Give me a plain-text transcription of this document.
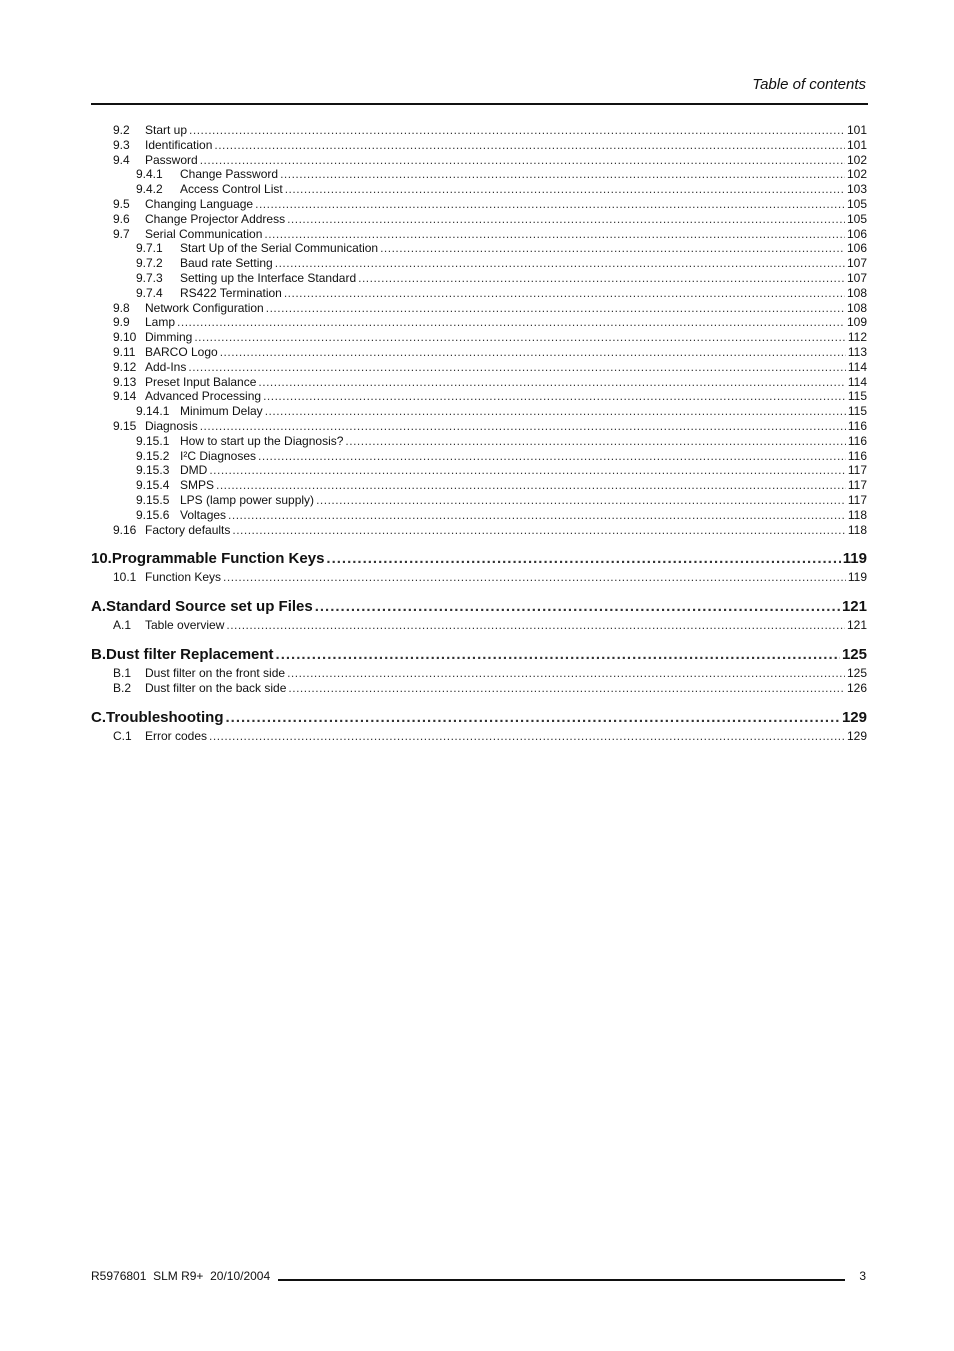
Table of contents
9.2	Start up .....	101
9.3	Identification .....	101
9.4	Password .....	102
9.4.1	Change Password .....	102
9.4.2	Access Control List .....	103
9.5	Changing Language .....	105
9.6	Change Projector Address .....	105
9.7	Serial Communication .....	106
9.7.1	Start Up of the Serial Communication .....	106
9.7.2	Baud rate Setting .....	107
9.7.3	Setting up the Interface Standard .....	107
9.7.4	RS422 Termination .....	108
9.8	Network Configuration .....	108
9.9	Lamp .....	109
9.10 Dimming .....	112
9.11 BARCO Logo .....	113
9.12 Add-Ins .....	114
9.13 Preset Input Balance .....	114
9.14 Advanced Processing .....	115
9.14.1 Minimum Delay .....	115
9.15 Diagnosis .....	116
9.15.1 How to start up the Diagnosis? .....	116
9.15.2 I²C Diagnoses .....	116
9.15.3 DMD .....	117
9.15.4 SMPS .....	117
9.15.5 LPS (lamp power supply) .....	117
9.15.6 Voltages .....	118
9.16 Factory defaults .....	118
10. Programmable Function Keys .....	119
10.1 Function Keys .....	119
A. Standard Source set up Files .....	121
A.1	Table overview .....	121
B. Dust filter Replacement .....	125
B.1	Dust filter on the front side .....	125
B.2	Dust filter on the back side .....	126
C. Troubleshooting .....	129
C.1	Error codes .....	129
R5976801 SLM R9+ 20/10/2004	3
